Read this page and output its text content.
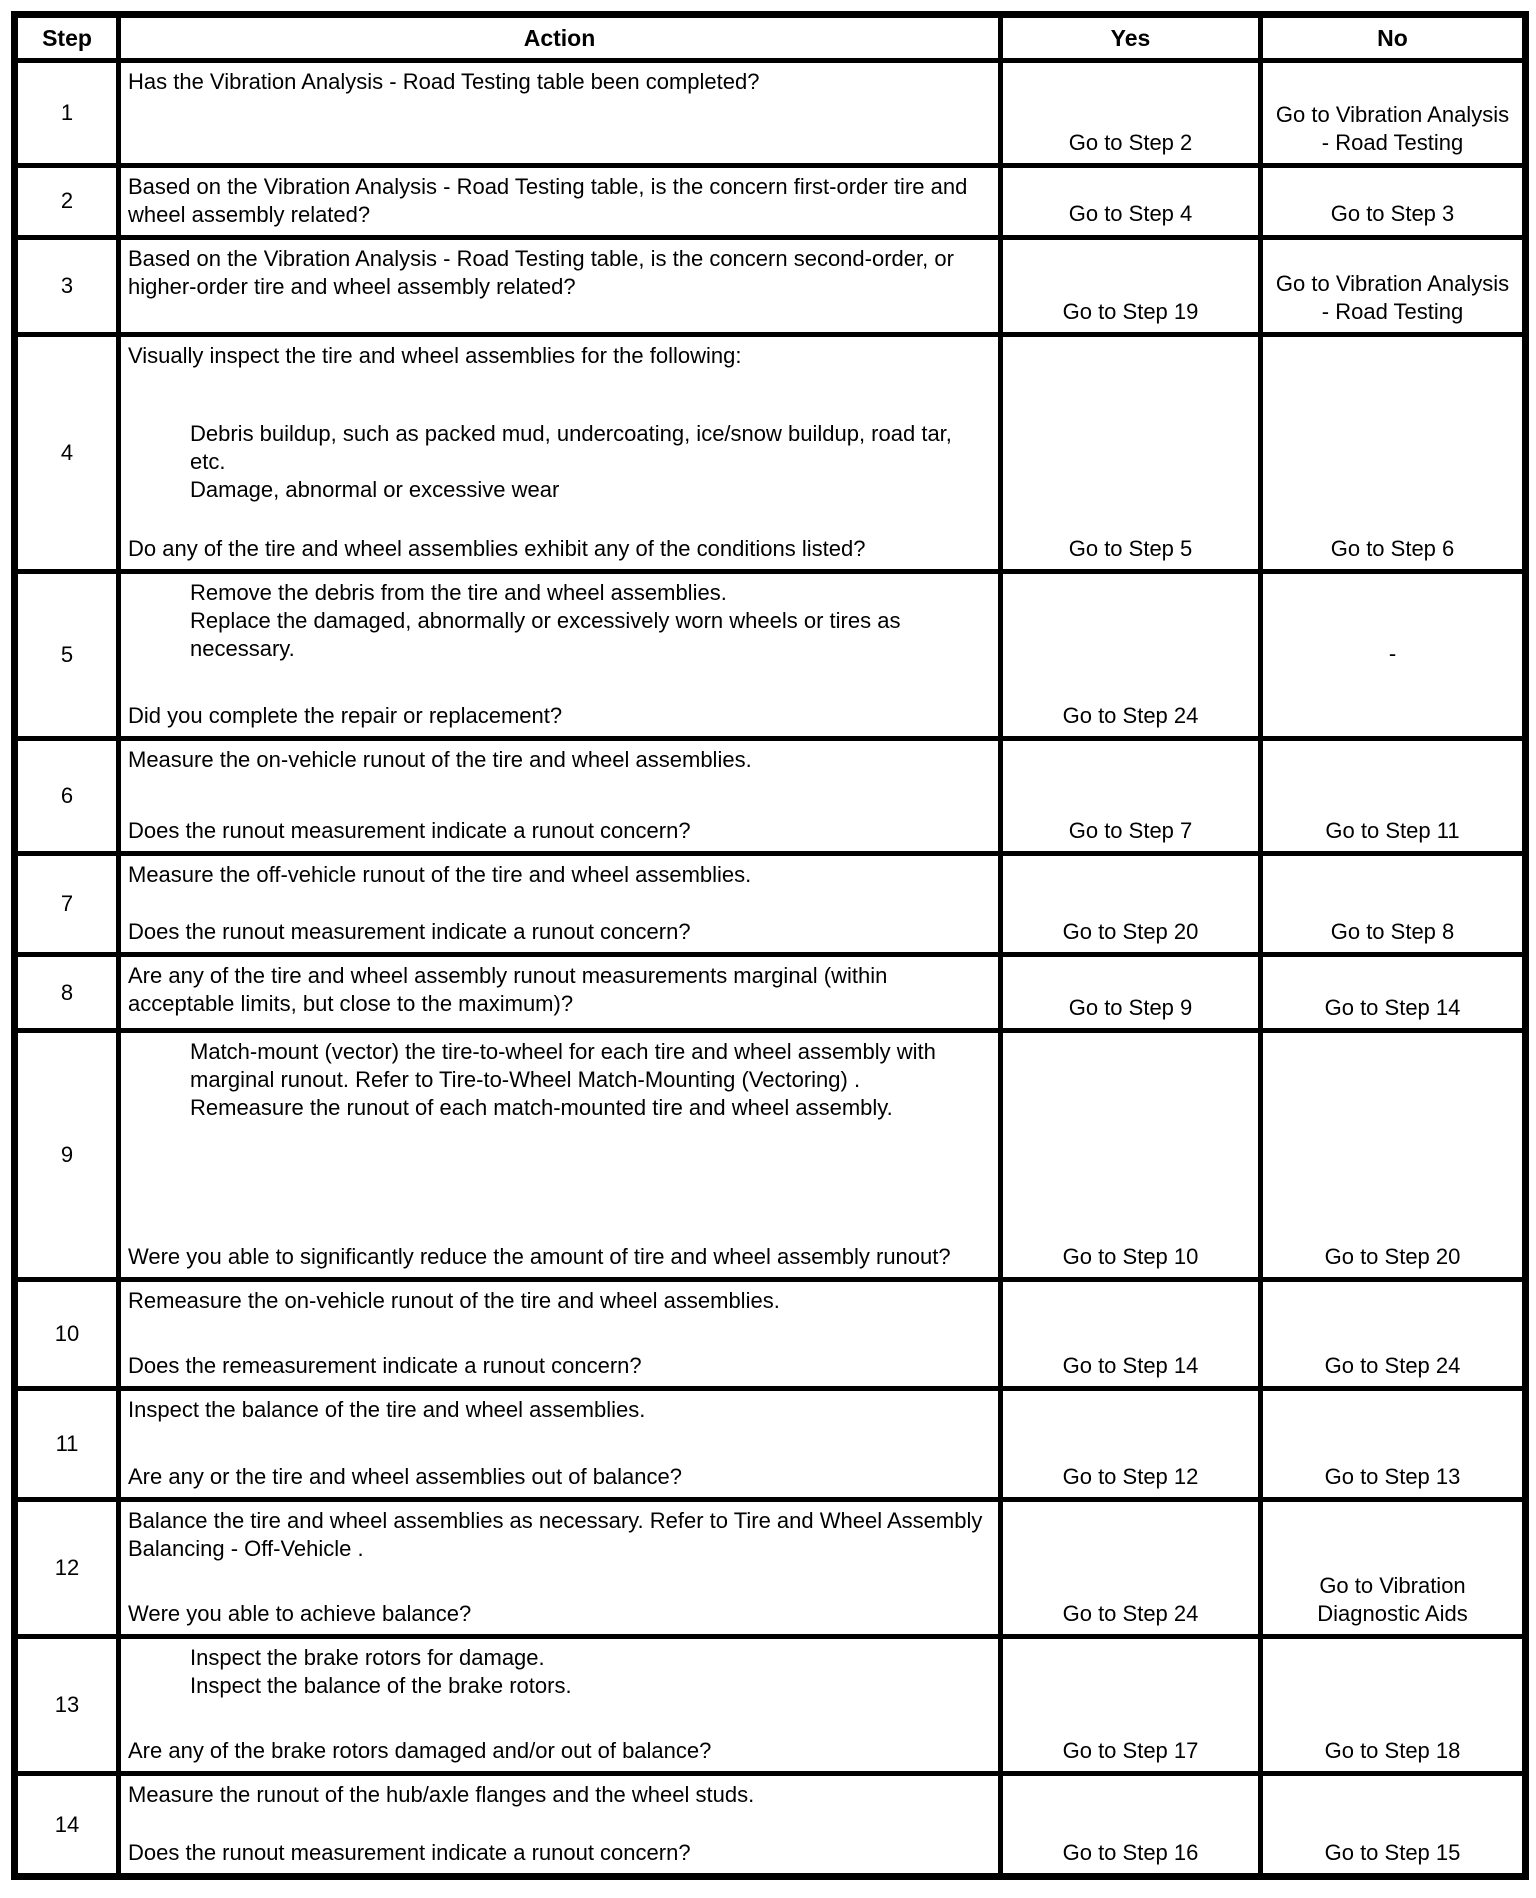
Step	Action	Yes	No

1	Has the Vibration Analysis - Road Testing table been completed?	Go to Step 2	Go to Vibration Analysis - Road Testing

2	Based on the Vibration Analysis - Road Testing table, is the concern first-order tire and wheel assembly related?	Go to Step 4	Go to Step 3

3	Based on the Vibration Analysis - Road Testing table, is the concern second-order, or higher-order tire and wheel assembly related?	Go to Step 19	Go to Vibration Analysis - Road Testing

4	Visually inspect the tire and wheel assemblies for the following:
Debris buildup, such as packed mud, undercoating, ice/snow buildup, road tar, etc.
Damage, abnormal or excessive wear
Do any of the tire and wheel assemblies exhibit any of the conditions listed?	Go to Step 5	Go to Step 6

5	Remove the debris from the tire and wheel assemblies.
Replace the damaged, abnormally or excessively worn wheels or tires as necessary.
Did you complete the repair or replacement?	Go to Step 24	-

6	Measure the on-vehicle runout of the tire and wheel assemblies.
Does the runout measurement indicate a runout concern?	Go to Step 7	Go to Step 11

7	Measure the off-vehicle runout of the tire and wheel assemblies.
Does the runout measurement indicate a runout concern?	Go to Step 20	Go to Step 8

8	Are any of the tire and wheel assembly runout measurements marginal (within acceptable limits, but close to the maximum)?	Go to Step 9	Go to Step 14

9	Match-mount (vector) the tire-to-wheel for each tire and wheel assembly with marginal runout. Refer to Tire-to-Wheel Match-Mounting (Vectoring) .
Remeasure the runout of each match-mounted tire and wheel assembly.
Were you able to significantly reduce the amount of tire and wheel assembly runout?	Go to Step 10	Go to Step 20

10	Remeasure the on-vehicle runout of the tire and wheel assemblies.
Does the remeasurement indicate a runout concern?	Go to Step 14	Go to Step 24

11	Inspect the balance of the tire and wheel assemblies.
Are any or the tire and wheel assemblies out of balance?	Go to Step 12	Go to Step 13

12	Balance the tire and wheel assemblies as necessary. Refer to Tire and Wheel Assembly Balancing - Off-Vehicle .
Were you able to achieve balance?	Go to Step 24	Go to Vibration Diagnostic Aids

13	Inspect the brake rotors for damage.
Inspect the balance of the brake rotors.
Are any of the brake rotors damaged and/or out of balance?	Go to Step 17	Go to Step 18

14	Measure the runout of the hub/axle flanges and the wheel studs.
Does the runout measurement indicate a runout concern?	Go to Step 16	Go to Step 15
